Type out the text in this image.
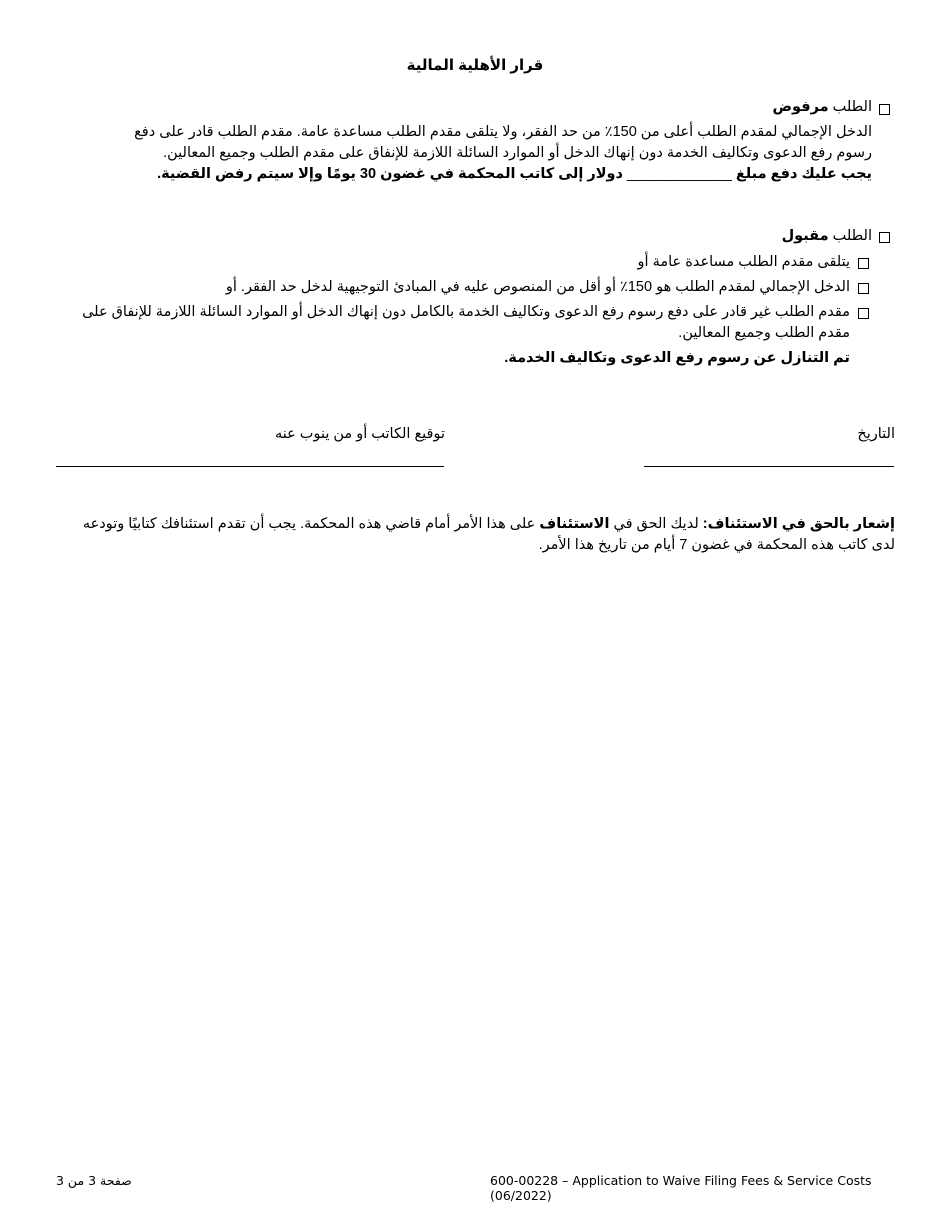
قرار الأهلية المالية
الطلب مرفوض
الدخل الإجمالي لمقدم الطلب أعلى من 150٪ من حد الفقر، ولا يتلقى مقدم الطلب مساعدة عامة. مقدم الطلب قادر على دفع رسوم رفع الدعوى وتكاليف الخدمة دون إنهاك الدخل أو الموارد السائلة اللازمة للإنفاق على مقدم الطلب وجميع المعالين.
يجب عليك دفع مبلغ _____________ دولار إلى كاتب المحكمة في غضون 30 يومًا وإلا سيتم رفض القضية.
الطلب مقبول
يتلقى مقدم الطلب مساعدة عامة أو
الدخل الإجمالي لمقدم الطلب هو 150٪ أو أقل من المنصوص عليه في المبادئ التوجيهية لدخل حد الفقر. أو
مقدم الطلب غير قادر على دفع رسوم رفع الدعوى وتكاليف الخدمة بالكامل دون إنهاك الدخل أو الموارد السائلة اللازمة للإنفاق على مقدم الطلب وجميع المعالين.
تم التنازل عن رسوم رفع الدعوى وتكاليف الخدمة.
التاريخ
توقيع الكاتب أو من ينوب عنه
إشعار بالحق في الاستئناف: لديك الحق في الاستئناف على هذا الأمر أمام قاضي هذه المحكمة. يجب أن تقدم استئنافك كتابيًا وتودعه لدى كاتب هذه المحكمة في غضون 7 أيام من تاريخ هذا الأمر.
600-00228 – Application to Waive Filing Fees & Service Costs (06/2022)
صفحة 3 من 3
